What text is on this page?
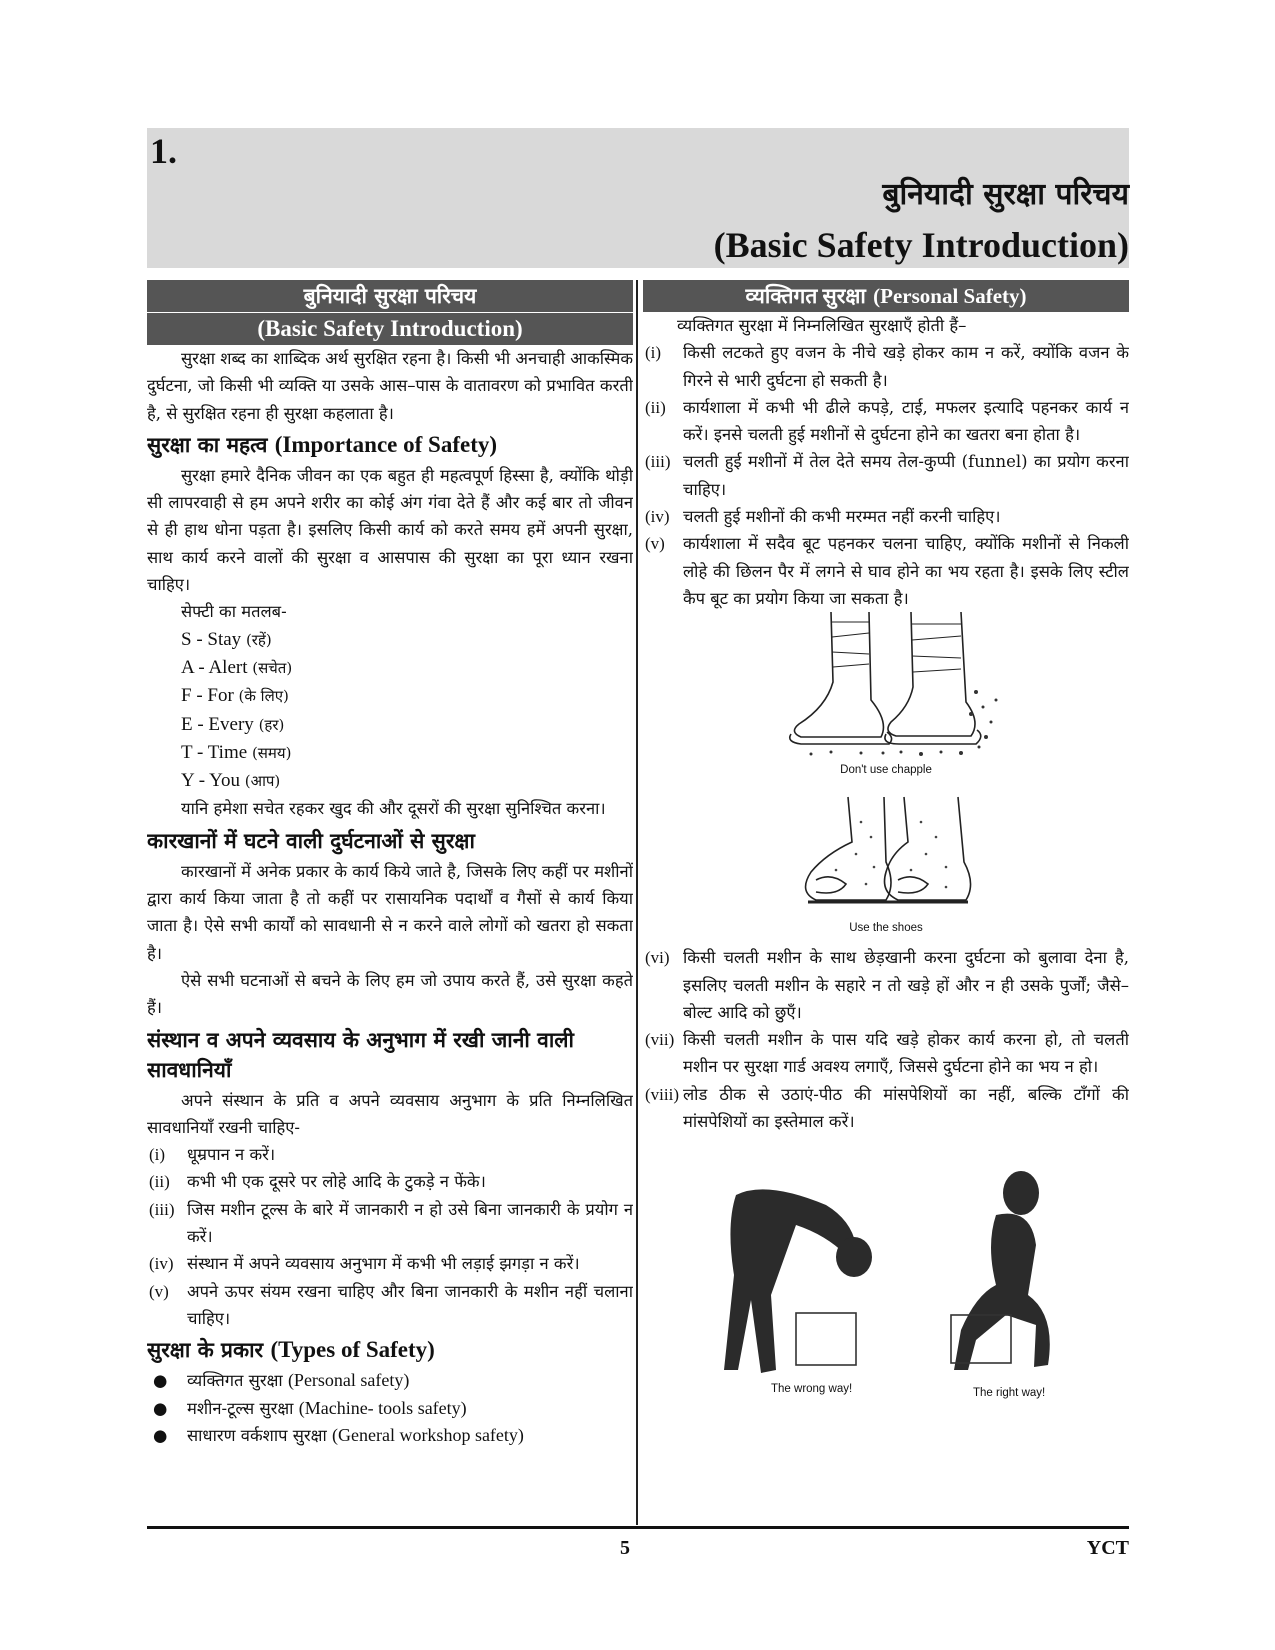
1.
बुनियादी सुरक्षा परिचय
(Basic Safety Introduction)
बुनियादी सुरक्षा परिचय
(Basic Safety Introduction)

सुरक्षा शब्द का शाब्दिक अर्थ सुरक्षित रहना है। किसी भी अनचाही आकस्मिक दुर्घटना, जो किसी भी व्यक्ति या उसके आस–पास के वातावरण को प्रभावित करती है, से सुरक्षित रहना ही सुरक्षा कहलाता है।

सुरक्षा का महत्व (Importance of Safety)

सुरक्षा हमारे दैनिक जीवन का एक बहुत ही महत्वपूर्ण हिस्सा है, क्योंकि थोड़ी सी लापरवाही से हम अपने शरीर का कोई अंग गंवा देते हैं और कई बार तो जीवन से ही हाथ धोना पड़ता है। इसलिए किसी कार्य को करते समय हमें अपनी सुरक्षा, साथ कार्य करने वालों की सुरक्षा व आसपास की सुरक्षा का पूरा ध्यान रखना चाहिए।

सेफ्टी का मतलब-

S - Stay (रहें)
A - Alert (सचेत)
F - For (के लिए)
E - Every (हर)
T - Time (समय)
Y - You (आप)

यानि हमेशा सचेत रहकर खुद की और दूसरों की सुरक्षा सुनिश्चित करना।

कारखानों में घटने वाली दुर्घटनाओं से सुरक्षा

कारखानों में अनेक प्रकार के कार्य किये जाते है, जिसके लिए कहीं पर मशीनों द्वारा कार्य किया जाता है तो कहीं पर रासायनिक पदार्थों व गैसों से कार्य किया जाता है। ऐसे सभी कार्यों को सावधानी से न करने वाले लोगों को खतरा हो सकता है।

ऐसे सभी घटनाओं से बचने के लिए हम जो उपाय करते हैं, उसे सुरक्षा कहते हैं।

संस्थान व अपने व्यवसाय के अनुभाग में रखी जानी वाली सावधानियाँ

अपने संस्थान के प्रति व अपने व्यवसाय अनुभाग के प्रति निम्नलिखित सावधानियाँ रखनी चाहिए-

(i) धूम्रपान न करें।
(ii) कभी भी एक दूसरे पर लोहे आदि के टुकड़े न फेंके।
(iii) जिस मशीन टूल्स के बारे में जानकारी न हो उसे बिना जानकारी के प्रयोग न करें।
(iv) संस्थान में अपने व्यवसाय अनुभाग में कभी भी लड़ाई झगड़ा न करें।
(v) अपने ऊपर संयम रखना चाहिए और बिना जानकारी के मशीन नहीं चलाना चाहिए।
सुरक्षा के प्रकार (Types of Safety)
● व्यक्तिगत सुरक्षा (Personal safety)
● मशीन-टूल्स सुरक्षा (Machine- tools safety)
● साधारण वर्कशाप सुरक्षा (General workshop safety)
व्यक्तिगत सुरक्षा (Personal Safety)

व्यक्तिगत सुरक्षा में निम्नलिखित सुरक्षाएँ होती हैं–

(i) किसी लटकते हुए वजन के नीचे खड़े होकर काम न करें, क्योंकि वजन के गिरने से भारी दुर्घटना हो सकती है।
(ii) कार्यशाला में कभी भी ढीले कपड़े, टाई, मफलर इत्यादि पहनकर कार्य न करें। इनसे चलती हुई मशीनों से दुर्घटना होने का खतरा बना होता है।
(iii) चलती हुई मशीनों में तेल देते समय तेल-कुप्पी (funnel) का प्रयोग करना चाहिए।
(iv) चलती हुई मशीनों की कभी मरम्मत नहीं करनी चाहिए।
(v) कार्यशाला में सदैव बूट पहनकर चलना चाहिए, क्योंकि मशीनों से निकली लोहे की छिलन पैर में लगने से घाव होने का भय रहता है। इसके लिए स्टील कैप बूट का प्रयोग किया जा सकता है।
Don't use chapple
Use the shoes
(vi) किसी चलती मशीन के साथ छेड़खानी करना दुर्घटना को बुलावा देना है, इसलिए चलती मशीन के सहारे न तो खड़े हों और न ही उसके पुर्जों; जैसे–बोल्ट आदि को छुएँ।
(vii) किसी चलती मशीन के पास यदि खड़े होकर कार्य करना हो, तो चलती मशीन पर सुरक्षा गार्ड अवश्य लगाएँ, जिससे दुर्घटना होने का भय न हो।
(viii) लोड ठीक से उठाएं-पीठ की मांसपेशियों का नहीं, बल्कि टाँगों की मांसपेशियों का इस्तेमाल करें।
The wrong way!	The right way!
5	YCT
